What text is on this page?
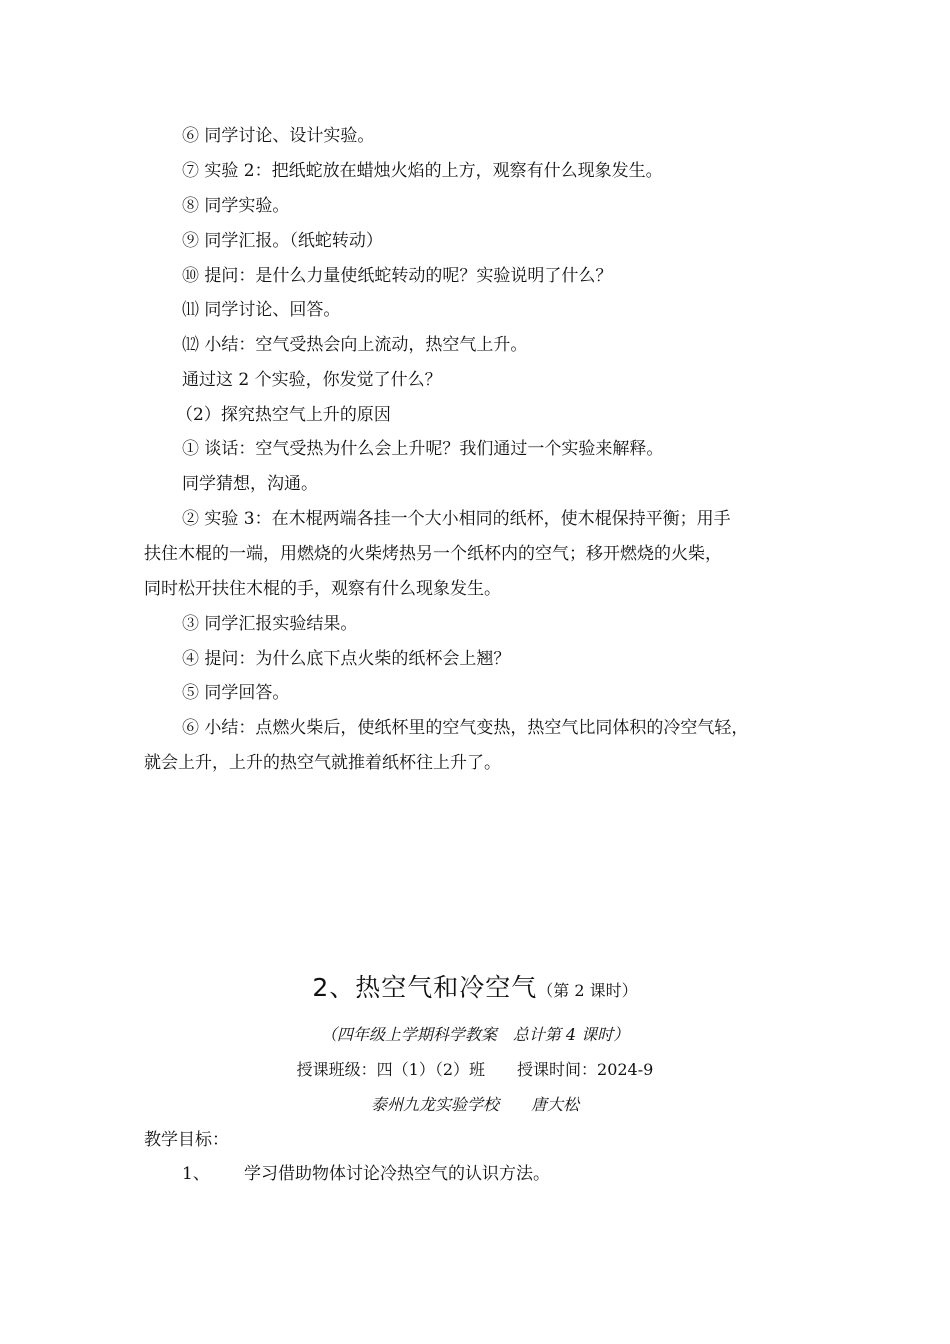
⑥ 同学讨论、设计实验。
⑦ 实验 2：把纸蛇放在蜡烛火焰的上方，观察有什么现象发生。
⑧ 同学实验。
⑨ 同学汇报。（纸蛇转动）
⑩ 提问：是什么力量使纸蛇转动的呢？实验说明了什么？
⑾ 同学讨论、回答。
⑿ 小结：空气受热会向上流动，热空气上升。
通过这 2 个实验，你发觉了什么？
（2）探究热空气上升的原因
① 谈话：空气受热为什么会上升呢？我们通过一个实验来解释。
同学猜想，沟通。
② 实验 3：在木棍两端各挂一个大小相同的纸杯，使木棍保持平衡；用手
扶住木棍的一端，用燃烧的火柴烤热另一个纸杯内的空气；移开燃烧的火柴，
同时松开扶住木棍的手，观察有什么现象发生。
③ 同学汇报实验结果。
④ 提问：为什么底下点火柴的纸杯会上翘？
⑤ 同学回答。
⑥ 小结：点燃火柴后，使纸杯里的空气变热，热空气比同体积的冷空气轻，
就会上升，上升的热空气就推着纸杯往上升了。
2、热空气和冷空气（第 2 课时）
（四年级上学期科学教案　总计第 4 课时）
授课班级：四（1）（2）班　　授课时间：2024-9
泰州九龙实验学校　　唐大松
教学目标：
1、 学习借助物体讨论冷热空气的认识方法。
